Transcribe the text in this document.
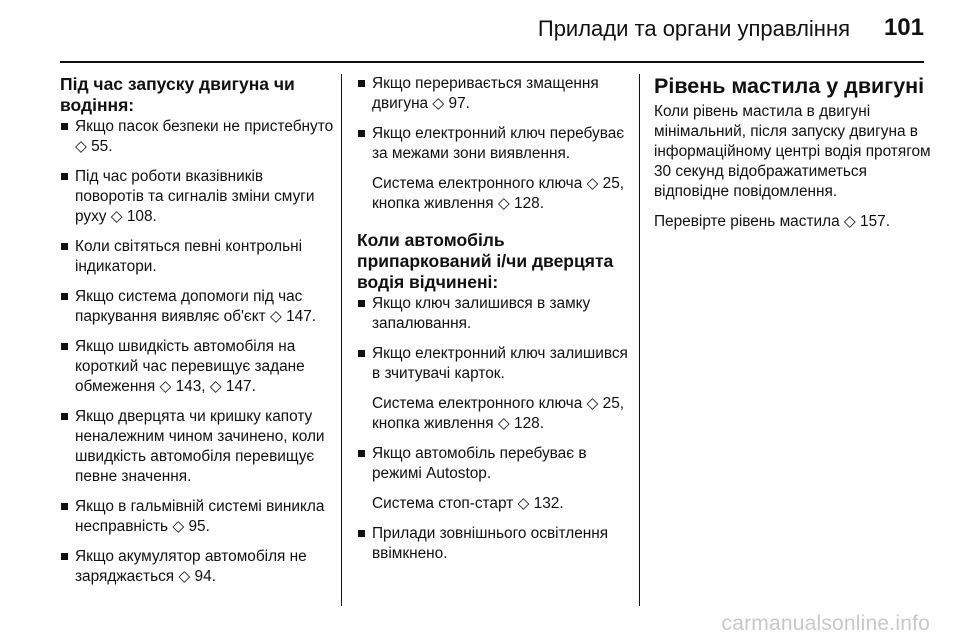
Прилади та органи управління 101
Під час запуску двигуна чи водіння:
Якщо пасок безпеки не пристебнуто ◇ 55.
Під час роботи вказівників поворотів та сигналів зміни смуги руху ◇ 108.
Коли світяться певні контрольні індикатори.
Якщо система допомоги під час паркування виявляє об'єкт ◇ 147.
Якщо швидкість автомобіля на короткий час перевищує задане обмеження ◇ 143, ◇ 147.
Якщо дверцята чи кришку капоту неналежним чином зачинено, коли швидкість автомобіля перевищує певне значення.
Якщо в гальмівній системі виникла несправність ◇ 95.
Якщо акумулятор автомобіля не заряджається ◇ 94.
Якщо переривається змащення двигуна ◇ 97.
Якщо електронний ключ перебуває за межами зони виявлення.
Система електронного ключа ◇ 25, кнопка живлення ◇ 128.
Коли автомобіль припаркований і/чи дверцята водія відчинені:
Якщо ключ залишився в замку запалювання.
Якщо електронний ключ залишився в зчитувачі карток.
Система електронного ключа ◇ 25, кнопка живлення ◇ 128.
Якщо автомобіль перебуває в режимі Autostop.
Система стоп-старт ◇ 132.
Прилади зовнішнього освітлення ввімкнено.
Рівень мастила у двигуні

Коли рівень мастила в двигуні мінімальний, після запуску двигуна в інформаційному центрі водія протягом 30 секунд відображатиметься відповідне повідомлення.

Перевірте рівень мастила ◇ 157.

carmanualsonline.info
